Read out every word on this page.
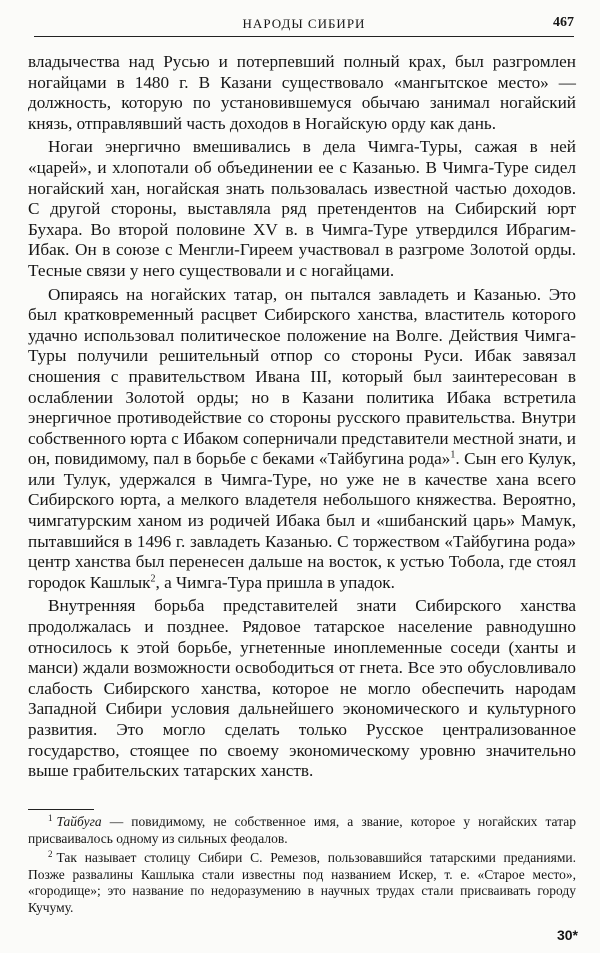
НАРОДЫ СИБИРИ	467

владычества над Русью и потерпевший полный крах, был разгромлен ногайцами в 1480 г. В Казани существовало «мангытское место» — должность, которую по установившемуся обычаю занимал ногайский князь, отправлявший часть доходов в Ногайскую орду как дань.

Ногаи энергично вмешивались в дела Чимга-Туры, сажая в ней «царей», и хлопотали об объединении ее с Казанью. В Чимга-Туре сидел ногайский хан, ногайская знать пользовалась известной частью доходов. С другой стороны, выставляла ряд претендентов на Сибирский юрт Бухара. Во второй половине XV в. в Чимга-Туре утвердился Ибрагим-Ибак. Он в союзе с Менгли-Гиреем участвовал в разгроме Золотой орды. Тесные связи у него существовали и с ногайцами.

Опираясь на ногайских татар, он пытался завладеть и Казанью. Это был кратковременный расцвет Сибирского ханства, властитель которого удачно использовал политическое положение на Волге. Действия Чимга-Туры получили решительный отпор со стороны Руси. Ибак завязал сношения с правительством Ивана III, который был заинтересован в ослаблении Золотой орды; но в Казани политика Ибака встретила энергичное противодействие со стороны русского правительства. Внутри собственного юрта с Ибаком соперничали представители местной знати, и он, повидимому, пал в борьбе с беками «Тайбугина рода»$^1$. Сын его Кулук, или Тулук, удержался в Чимга-Туре, но уже не в качестве хана всего Сибирского юрта, а мелкого владетеля небольшого княжества. Вероятно, чимгатурским ханом из родичей Ибака был и «шибанский царь» Мамук, пытавшийся в 1496 г. завладеть Казанью. С торжеством «Тайбугина рода» центр ханства был перенесен дальше на восток, к устью Тобола, где стоял городок Кашлык$^2$, а Чимга-Тура пришла в упадок.

Внутренняя борьба представителей знати Сибирского ханства продолжалась и позднее. Рядовое татарское население равнодушно относилось к этой борьбе, угнетенные иноплеменные соседи (ханты и манси) ждали возможности освободиться от гнета. Все это обусловливало слабость Сибирского ханства, которое не могло обеспечить народам Западной Сибири условия дальнейшего экономического и культурного развития. Это могло сделать только Русское централизованное государство, стоящее по своему экономическому уровню значительно выше грабительских татарских ханств.

$^1$ Тайбуга — повидимому, не собственное имя, а звание, которое у ногайских татар присваивалось одному из сильных феодалов.

$^2$ Так называет столицу Сибири С. Ремезов, пользовавшийся татарскими преданиями. Позже развалины Кашлыка стали известны под названием Искер, т. е. «Старое место», «городище»; это название по недоразумению в научных трудах стали присваивать городу Кучуму.

30*
